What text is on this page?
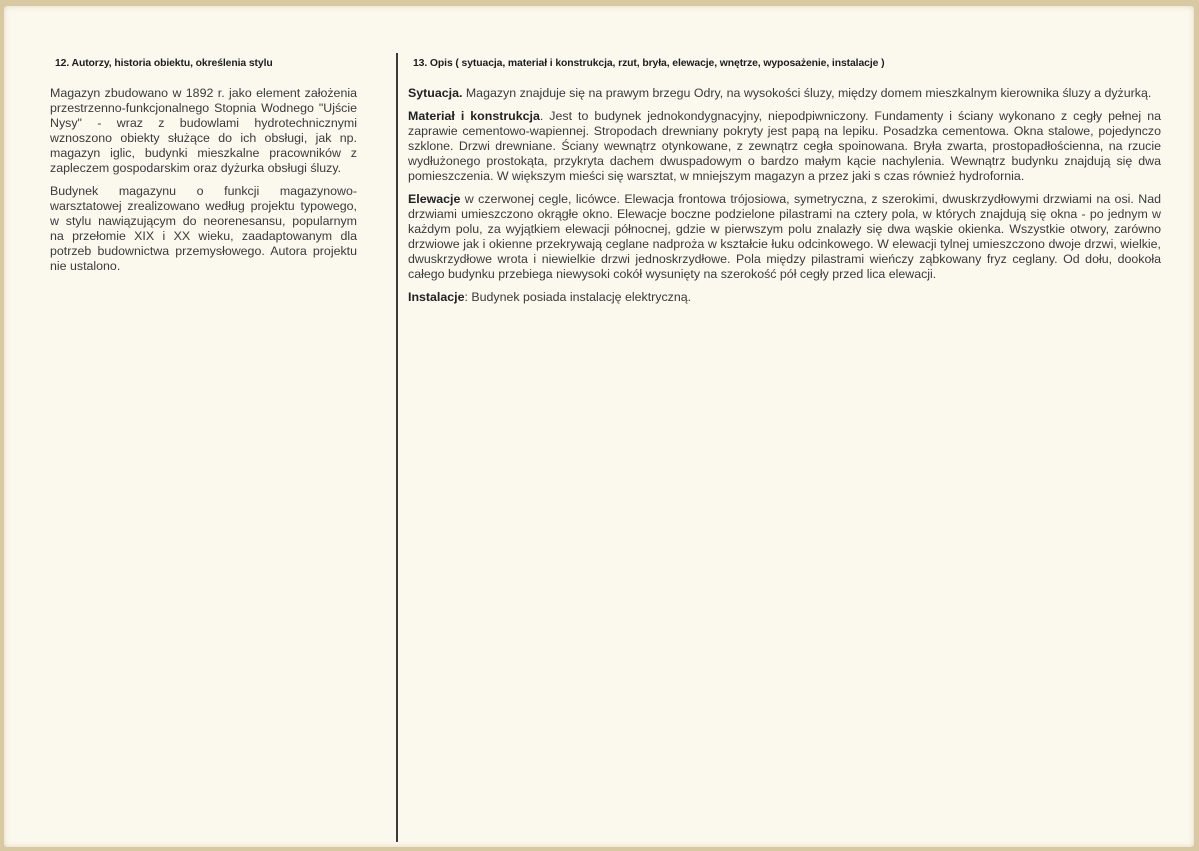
12. Autorzy, historia obiektu, określenia stylu

Magazyn zbudowano w 1892 r. jako element założenia przestrzenno-funkcjonalnego Stopnia Wodnego "Ujście Nysy" - wraz z budowlami hydrotechnicznymi wznoszono obiekty służące do ich obsługi, jak np. magazyn iglic, budynki mieszkalne pracowników z zapleczem gospodarskim oraz dyżurka obsługi śluzy.

Budynek magazynu o funkcji magazynowo-warsztatowej zrealizowano według projektu typowego, w stylu nawiązującym do neorenesansu, popularnym na przełomie XIX i XX wieku, zaadaptowanym dla potrzeb budownictwa przemysłowego. Autora projektu nie ustalono.

13. Opis ( sytuacja, materiał i konstrukcja, rzut, bryła, elewacje, wnętrze, wyposażenie, instalacje )

Sytuacja. Magazyn znajduje się na prawym brzegu Odry, na wysokości śluzy, między domem mieszkalnym kierownika śluzy a dyżurką.

Materiał i konstrukcja. Jest to budynek jednokondygnacyjny, niepodpiwniczony. Fundamenty i ściany wykonano z cegły pełnej na zaprawie cementowo-wapiennej. Stropodach drewniany pokryty jest papą na lepiku. Posadzka cementowa. Okna stalowe, pojedynczo szklone. Drzwi drewniane. Ściany wewnątrz otynkowane, z zewnątrz cegła spoinowana. Bryła zwarta, prostopadłościenna, na rzucie wydłużonego prostokąta, przykryta dachem dwuspadowym o bardzo małym kącie nachylenia. Wewnątrz budynku znajdują się dwa pomieszczenia. W większym mieści się warsztat, w mniejszym magazyn a przez jaki s czas również hydrofornia.

Elewacje w czerwonej cegle, licówce. Elewacja frontowa trójosiowa, symetryczna, z szerokimi, dwuskrzydłowymi drzwiami na osi. Nad drzwiami umieszczono okrągłe okno. Elewacje boczne podzielone pilastrami na cztery pola, w których znajdują się okna - po jednym w każdym polu, za wyjątkiem elewacji północnej, gdzie w pierwszym polu znalazły się dwa wąskie okienka. Wszystkie otwory, zarówno drzwiowe jak i okienne przekrywają ceglane nadproża w kształcie łuku odcinkowego. W elewacji tylnej umieszczono dwoje drzwi, wielkie, dwuskrzydłowe wrota i niewielkie drzwi jednoskrzydłowe. Pola między pilastrami wieńczy ząbkowany fryz ceglany. Od dołu, dookoła całego budynku przebiega niewysoki cokół wysunięty na szerokość pół cegły przed lica elewacji.

Instalacje: Budynek posiada instalację elektryczną.
